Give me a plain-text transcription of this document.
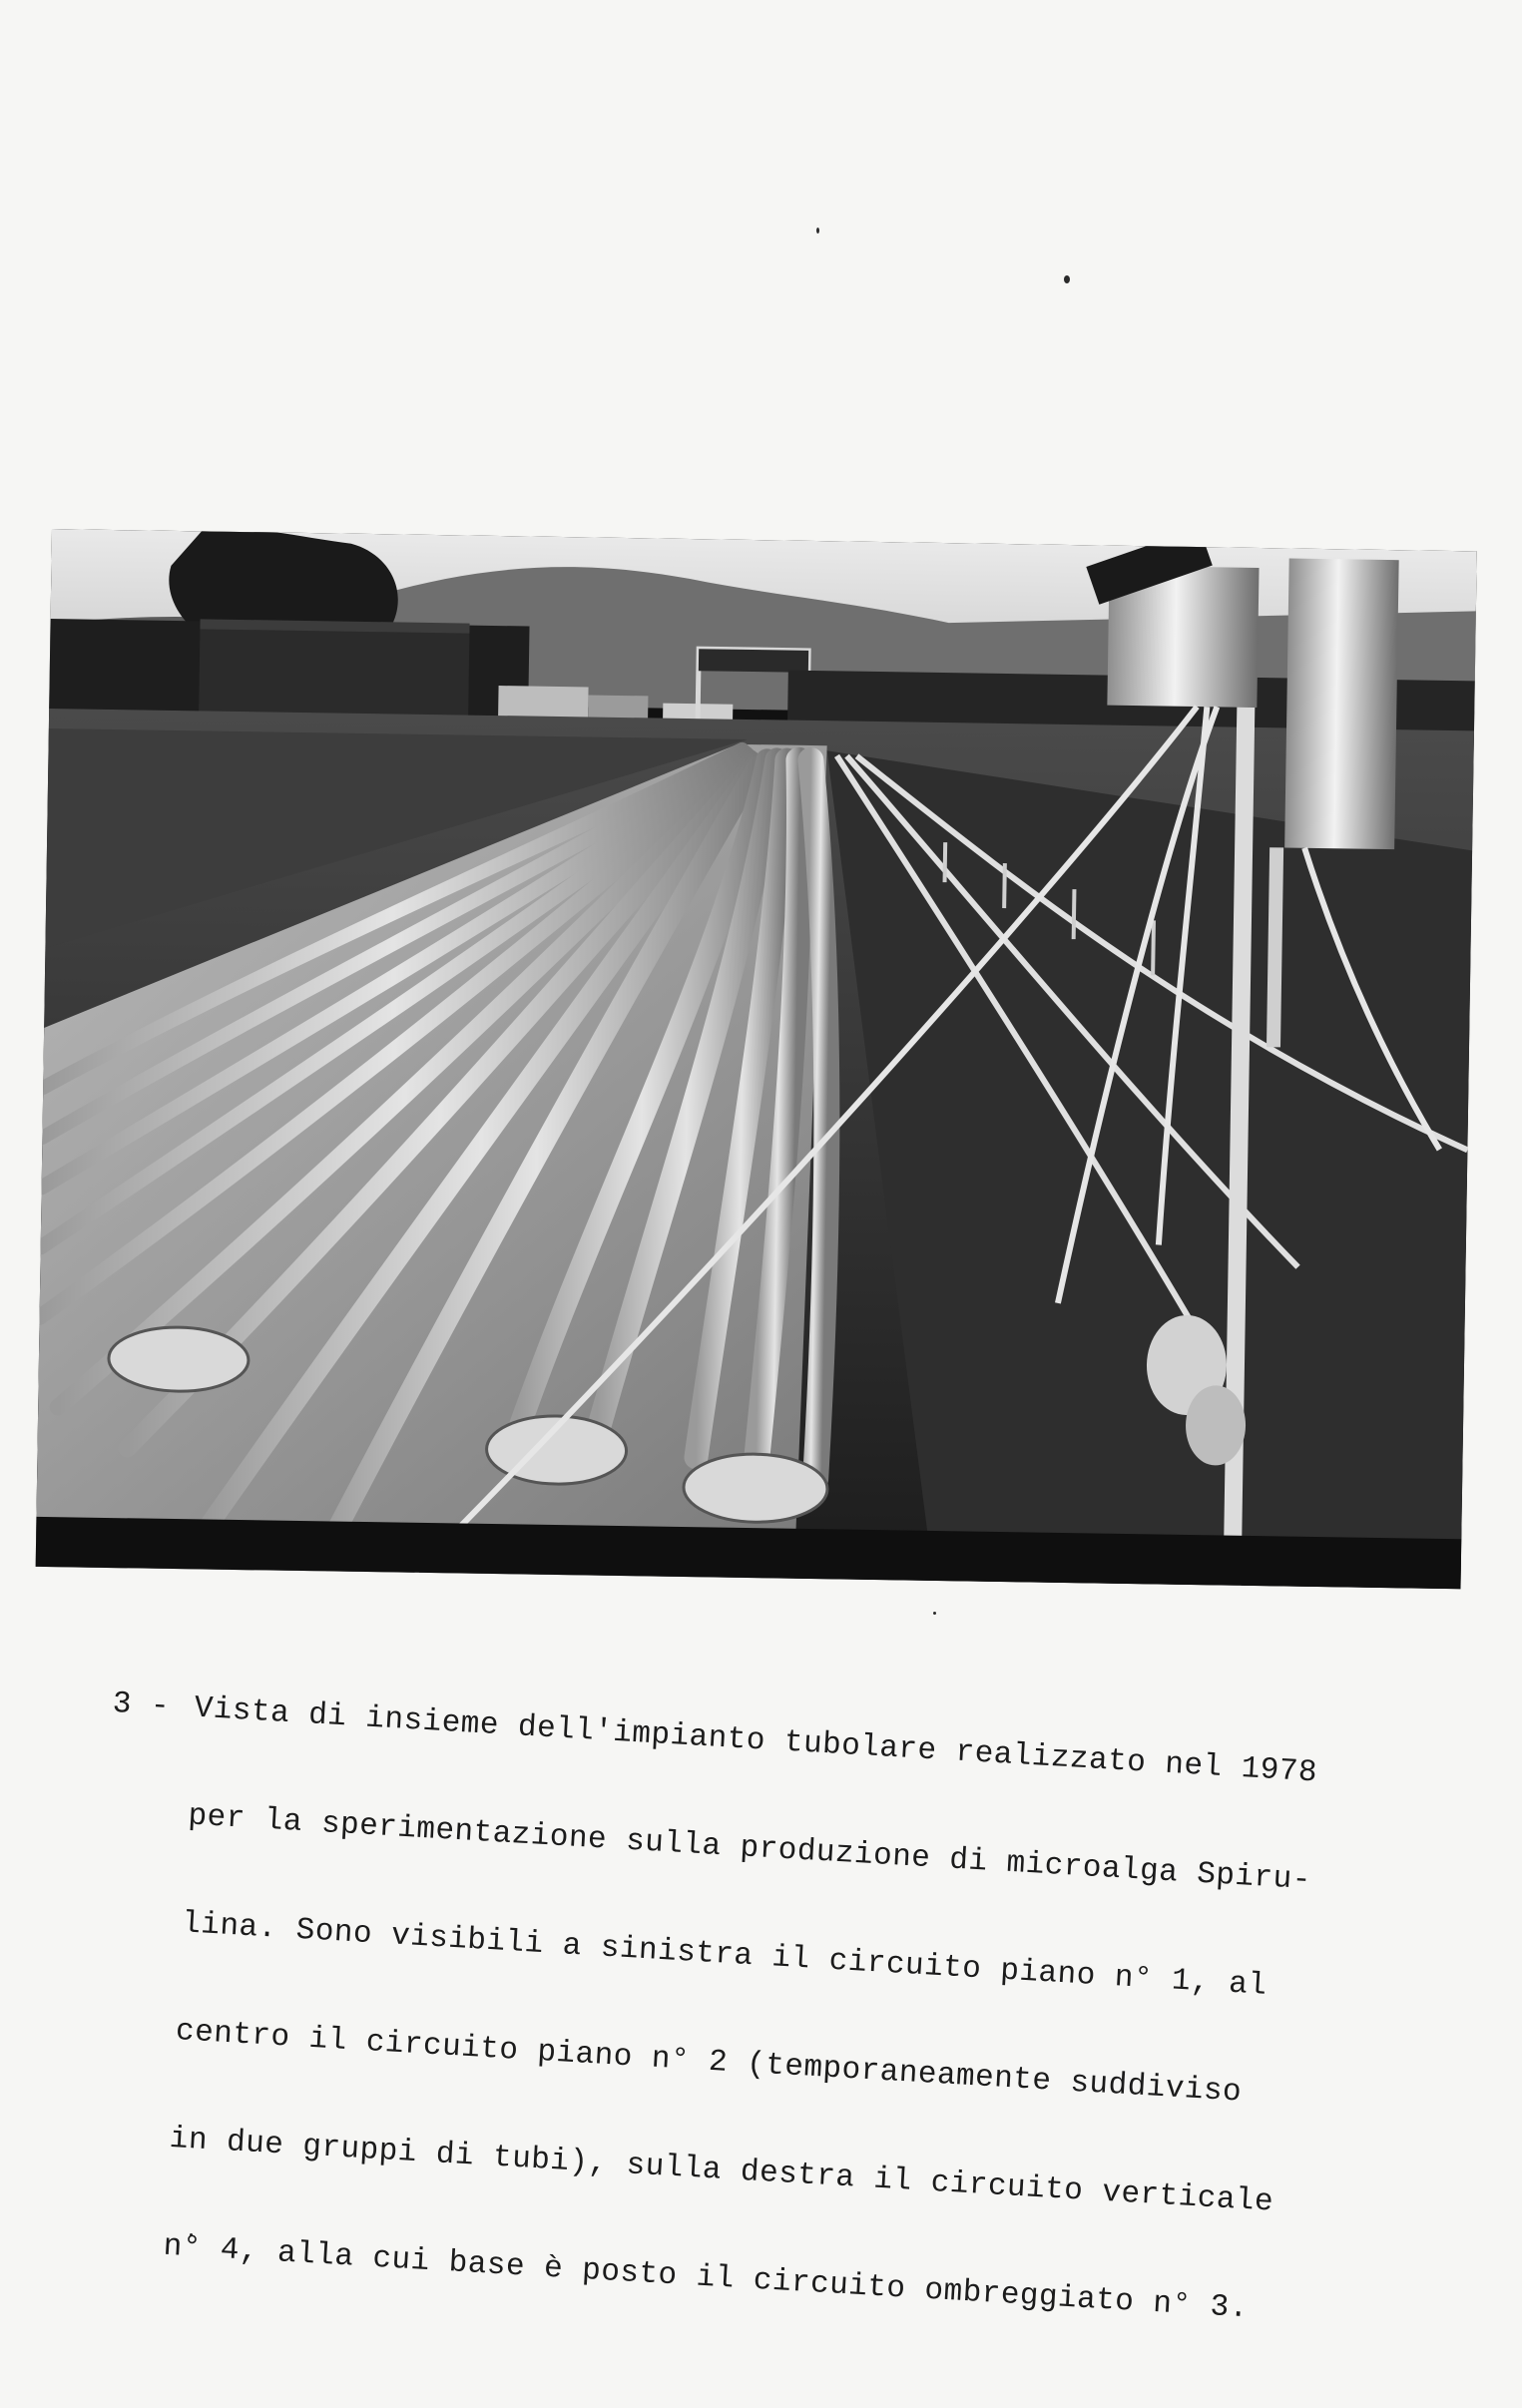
3 - Vista di insieme dell'impianto tubolare realizzato nel 1978

per la sperimentazione sulla produzione di microalga Spiru-

lina. Sono visibili a sinistra il circuito piano n° 1, al

centro il circuito piano n° 2 (temporaneamente suddiviso

in due gruppi di tubi), sulla destra il circuito verticale

n° 4, alla cui base è posto il circuito ombreggiato n° 3.
